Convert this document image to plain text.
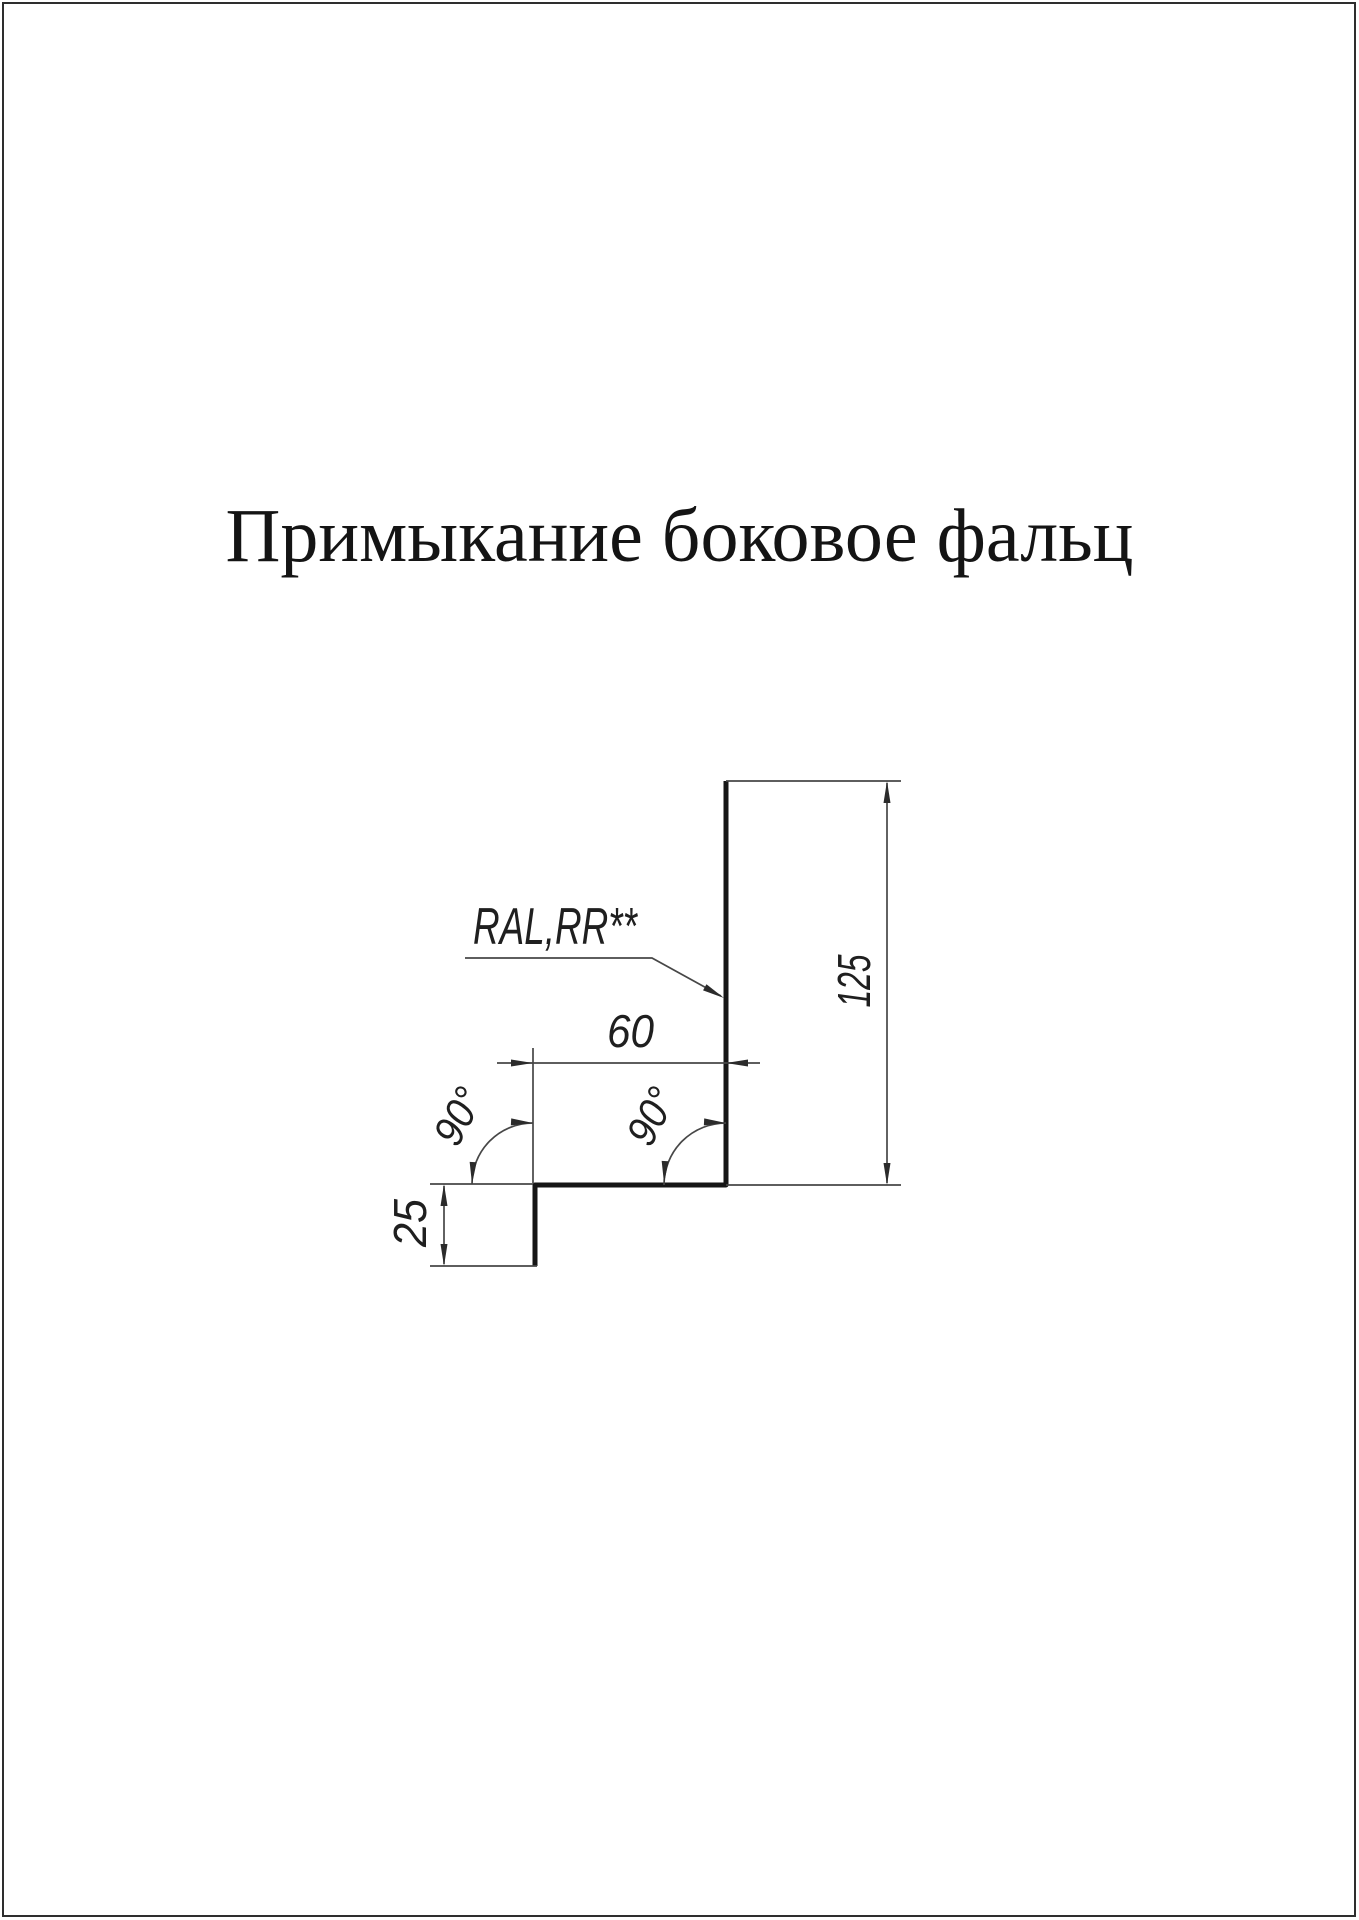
Примыкание боковое фальц
RAL,RR**
60
125
25
90°	90°
